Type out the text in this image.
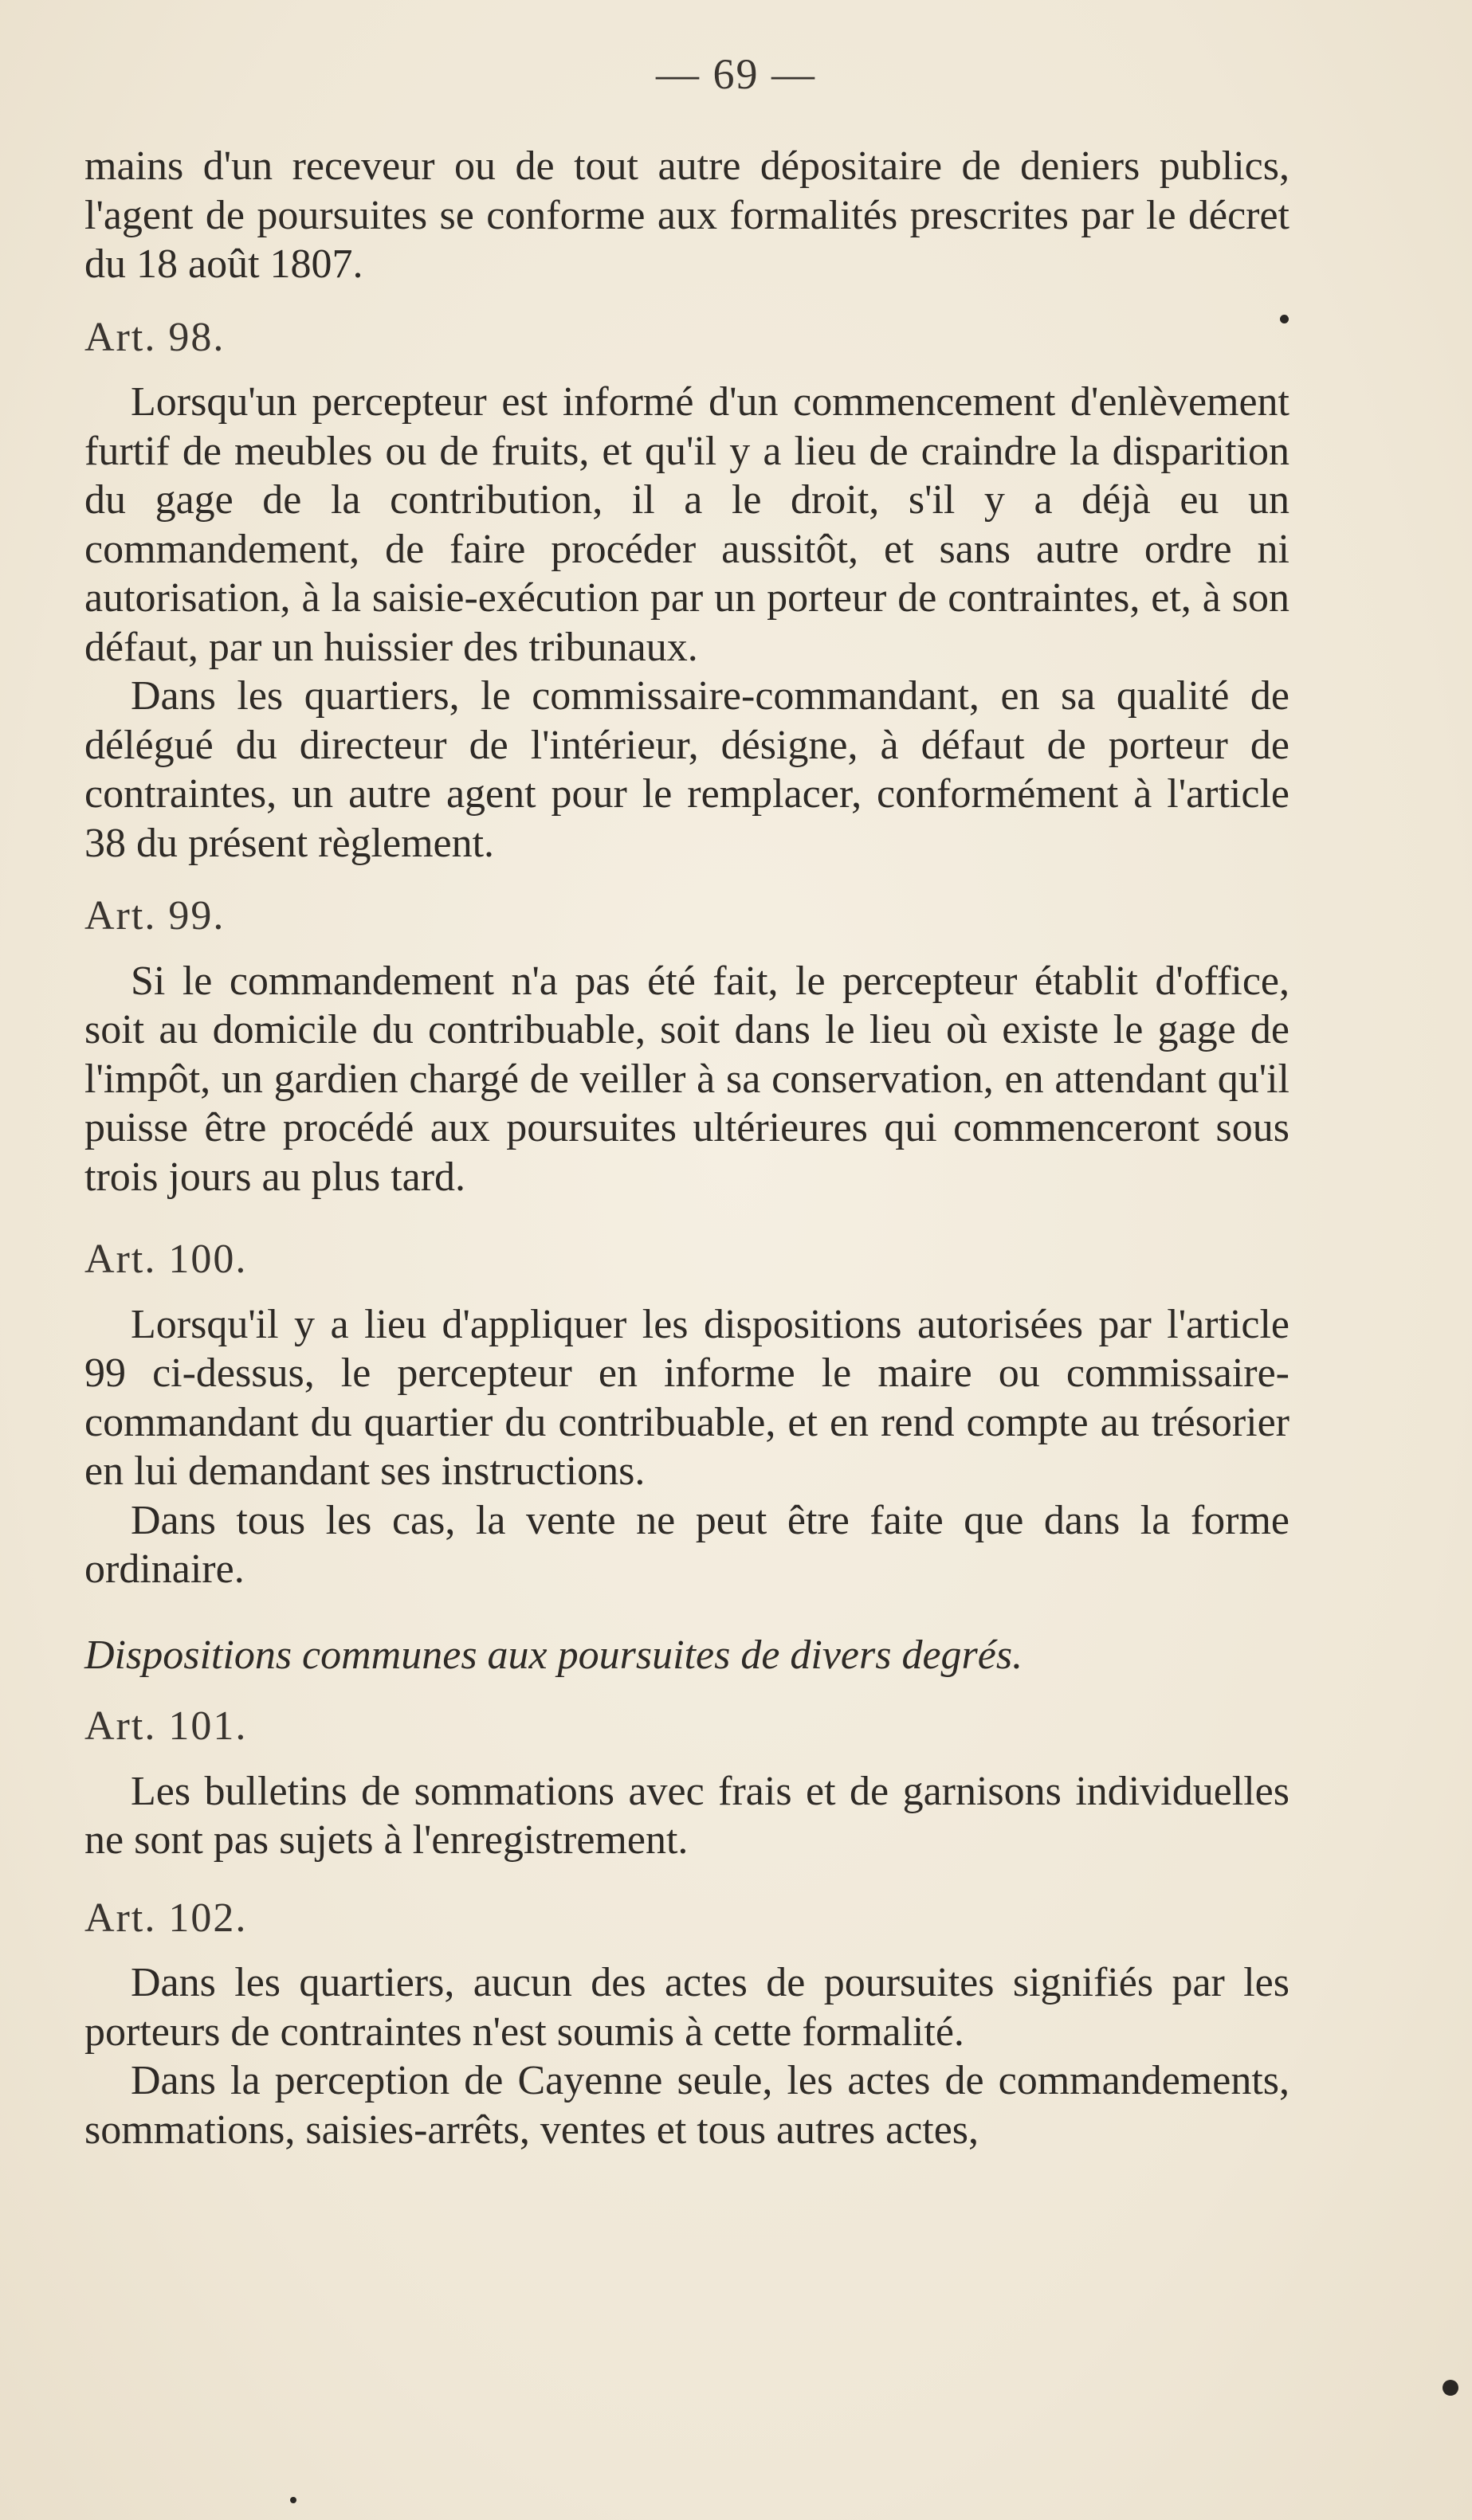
— 69 —

mains d'un receveur ou de tout autre dépositaire de deniers publics, l'agent de poursuites se conforme aux formalités prescrites par le décret du 18 août 1807.

Art. 98.

Lorsqu'un percepteur est informé d'un commencement d'enlèvement furtif de meubles ou de fruits, et qu'il y a lieu de craindre la disparition du gage de la contribution, il a le droit, s'il y a déjà eu un commandement, de faire procéder aussitôt, et sans autre ordre ni autorisation, à la saisie-exécution par un porteur de contraintes, et, à son défaut, par un huissier des tribunaux.

Dans les quartiers, le commissaire-commandant, en sa qualité de délégué du directeur de l'intérieur, désigne, à défaut de porteur de contraintes, un autre agent pour le remplacer, conformément à l'article 38 du présent règlement.

Art. 99.

Si le commandement n'a pas été fait, le percepteur établit d'office, soit au domicile du contribuable, soit dans le lieu où existe le gage de l'impôt, un gardien chargé de veiller à sa conservation, en attendant qu'il puisse être procédé aux poursuites ultérieures qui commenceront sous trois jours au plus tard.

Art. 100.

Lorsqu'il y a lieu d'appliquer les dispositions autorisées par l'article 99 ci-dessus, le percepteur en informe le maire ou commissaire-commandant du quartier du contribuable, et en rend compte au trésorier en lui demandant ses instructions.

Dans tous les cas, la vente ne peut être faite que dans la forme ordinaire.

Dispositions communes aux poursuites de divers degrés.

Art. 101.

Les bulletins de sommations avec frais et de garnisons individuelles ne sont pas sujets à l'enregistrement.

Art. 102.

Dans les quartiers, aucun des actes de poursuites signifiés par les porteurs de contraintes n'est soumis à cette formalité.

Dans la perception de Cayenne seule, les actes de commandements, sommations, saisies-arrêts, ventes et tous autres actes,
